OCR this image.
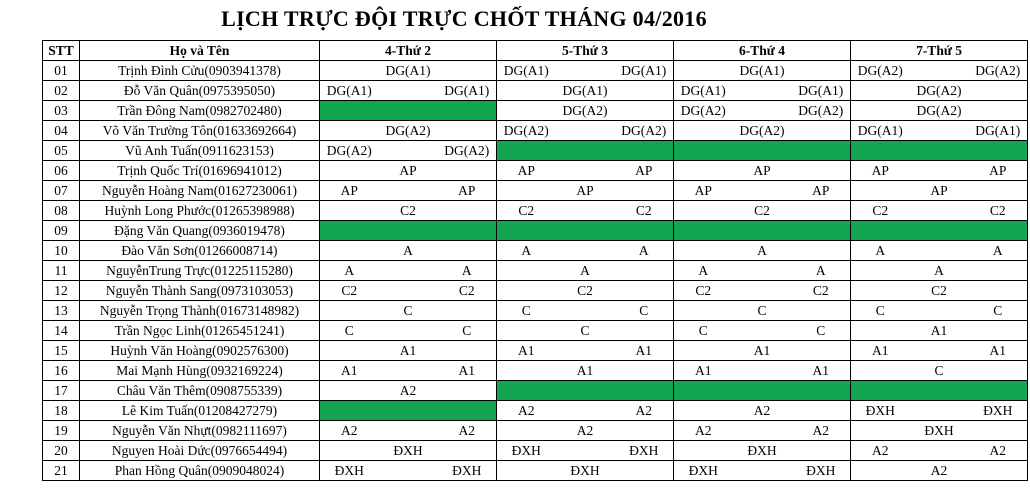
LỊCH TRỰC ĐỘI TRỰC CHỐT THÁNG 04/2016
STT	Họ và Tên	4-Thứ 2			5-Thứ 3			6-Thứ 4			7-Thứ 5		
01	Trịnh Đình Cửu(0903941378)		DG(A1)		DG(A1)		DG(A1)		DG(A1)		DG(A2)		DG(A2)
02	Đỗ Văn Quân(0975395050)	DG(A1)		DG(A1)		DG(A1)		DG(A1)		DG(A1)		DG(A2)	
03	Trần Đông Nam(0982702480)					DG(A2)		DG(A2)		DG(A2)		DG(A2)	
04	Võ Văn Trường Tôn(01633692664)		DG(A2)		DG(A2)		DG(A2)		DG(A2)		DG(A1)		DG(A1)
05	Vũ Anh Tuấn(0911623153)	DG(A2)		DG(A2)									
06	Trịnh Quốc Trí(01696941012)		AP		AP		AP		AP		AP		AP
07	Nguyễn Hoàng Nam(01627230061)	AP		AP		AP		AP		AP		AP	
08	Huỳnh Long Phước(01265398988)		C2		C2		C2		C2		C2		C2
09	Đặng Văn Quang(0936019478)												
10	Đào Văn Sơn(01266008714)		A		A		A		A		A		A
11	NguyễnTrung Trực(01225115280)	A		A		A		A		A		A	
12	Nguyễn Thành Sang(0973103053)	C2		C2		C2		C2		C2		C2	
13	Nguyễn Trọng Thành(01673148982)		C		C		C		C		C		C
14	Trần Ngọc Linh(01265451241)	C		C		C		C		C		A1	
15	Huỳnh Văn Hoàng(0902576300)		A1		A1		A1		A1		A1		A1
16	Mai Mạnh Hùng(0932169224)	A1		A1		A1		A1		A1		C	
17	Châu Văn Thêm(0908755339)		A2										
18	Lê Kim Tuấn(01208427279)				A2		A2		A2		ĐXH		ĐXH
19	Nguyễn Văn Nhựt(0982111697)	A2		A2		A2		A2		A2		ĐXH	
20	Nguyen Hoài Dức(0976654494)		ĐXH		ĐXH		ĐXH		ĐXH		A2		A2
21	Phan Hồng Quân(0909048024)	ĐXH		ĐXH		ĐXH		ĐXH		ĐXH		A2	
